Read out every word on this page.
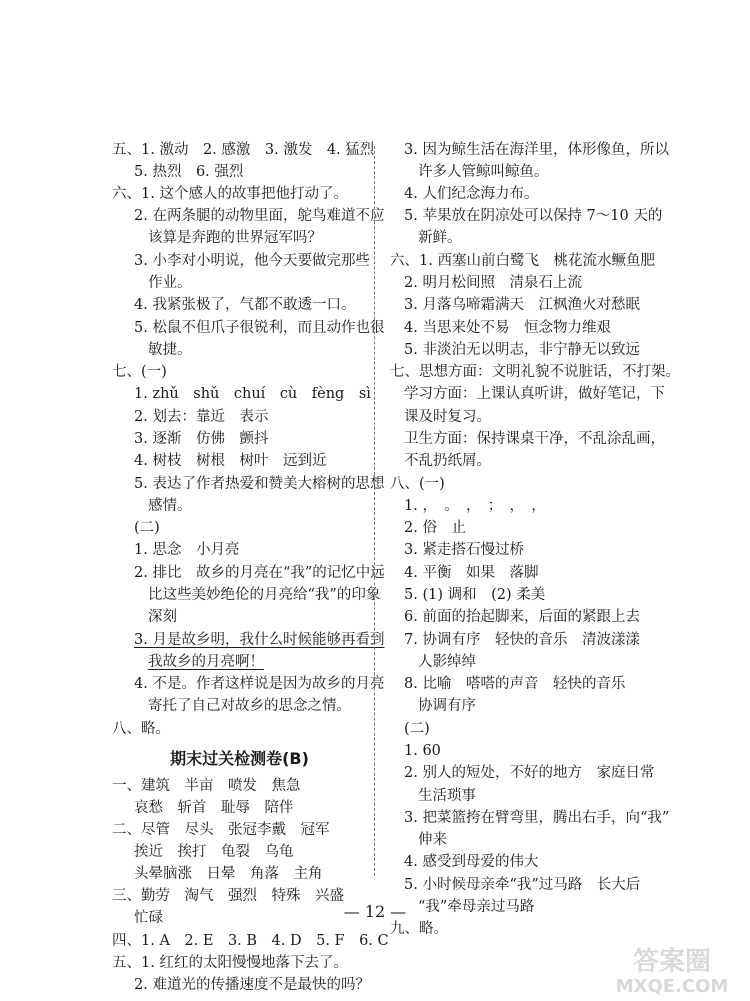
五、1. 激动　2. 感激　3. 激发　4. 猛烈
5. 热烈　6. 强烈
六、1. 这个感人的故事把他打动了。
2. 在两条腿的动物里面，鸵鸟难道不应
该算是奔跑的世界冠军吗？
3. 小李对小明说，他今天要做完那些
作业。
4. 我紧张极了，气都不敢透一口。
5. 松鼠不但爪子很锐利，而且动作也很
敏捷。
七、(一)
1. zhǔ　shǔ　chuí　cù　fèng　sì
2. 划去：靠近　表示
3. 逐渐　仿佛　颤抖
4. 树枝　树根　树叶　远到近
5. 表达了作者热爱和赞美大榕树的思想
感情。
(二)
1. 思念　小月亮
2. 排比　故乡的月亮在“我”的记忆中远
比这些美妙绝伦的月亮给“我”的印象
深刻
3. 月是故乡明，我什么时候能够再看到
我故乡的月亮啊！
4. 不是。作者这样说是因为故乡的月亮
寄托了自己对故乡的思念之情。
八、略。
期末过关检测卷(B)
一、建筑　半亩　喷发　焦急
哀愁　斩首　耻辱　陪伴
二、尽管　尽头　张冠李戴　冠军
挨近　挨打　龟裂　乌龟
头晕脑涨　日晕　角落　主角
三、勤劳　淘气　强烈　特殊　兴盛
忙碌
四、1. A　2. E　3. B　4. D　5. F　6. C
五、1. 红红的太阳慢慢地落下去了。
2. 难道光的传播速度不是最快的吗？
3. 因为鲸生活在海洋里，体形像鱼，所以
许多人管鲸叫鲸鱼。
4. 人们纪念海力布。
5. 苹果放在阴凉处可以保持 7～10 天的
新鲜。
六、1. 西塞山前白鹭飞　桃花流水鳜鱼肥
2. 明月松间照　清泉石上流
3. 月落乌啼霜满天　江枫渔火对愁眠
4. 当思来处不易　恒念物力维艰
5. 非淡泊无以明志，非宁静无以致远
七、思想方面：文明礼貌不说脏话，不打架。
学习方面：上课认真听讲，做好笔记，下
课及时复习。
卫生方面：保持课桌干净，不乱涂乱画，
不乱扔纸屑。
八、(一)
1. ，　。　，　；　，　，
2. 俗　止
3. 紧走搭石慢过桥
4. 平衡　如果　落脚
5. (1) 调和　(2) 柔美
6. 前面的抬起脚来，后面的紧跟上去
7. 协调有序　轻快的音乐　清波漾漾
人影绰绰
8. 比喻　嗒嗒的声音　轻快的音乐
协调有序
(二)
1. 60
2. 别人的短处，不好的地方　家庭日常
生活琐事
3. 把菜篮挎在臂弯里，腾出右手，向“我”
伸来
4. 感受到母爱的伟大
5. 小时候母亲牵“我”过马路　长大后
“我”牵母亲过马路
九、略。
— 12 —
答案圈
MXQE.COM
